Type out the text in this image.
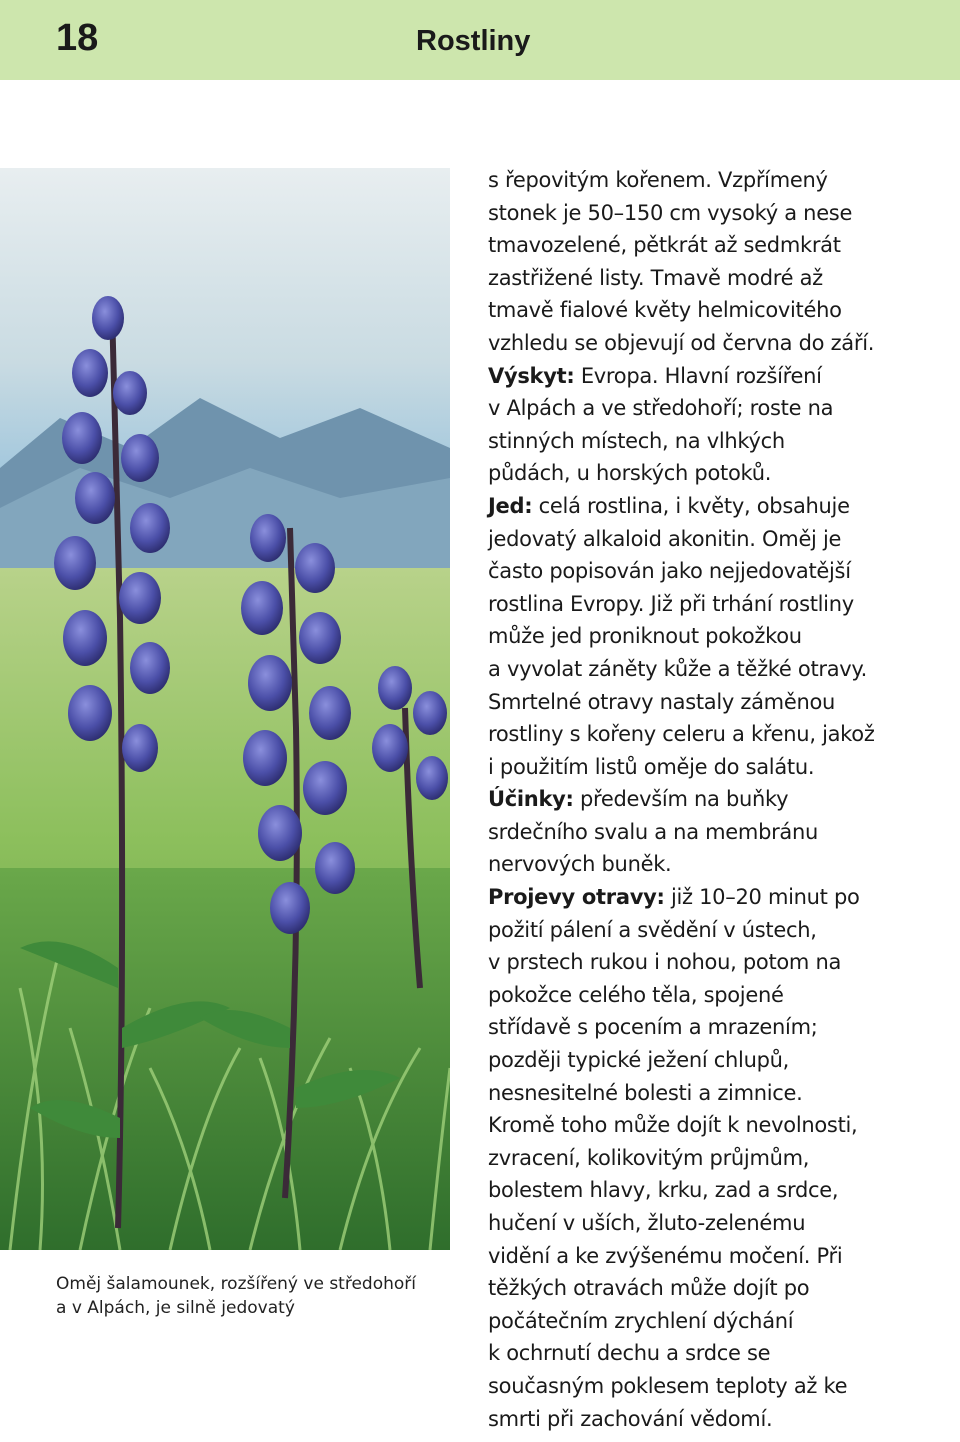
18	Rostliny
Oměj šalamounek, rozšířený ve středohoří
a v Alpách, je silně jedovatý
s řepovitým kořenem. Vzpřímený
stonek je 50–150 cm vysoký a nese
tmavozelené, pětkrát až sedmkrát
zastřižené listy. Tmavě modré až
tmavě fialové květy helmicovitého
vzhledu se objevují od června do září.
Výskyt: Evropa. Hlavní rozšíření
v Alpách a ve středohoří; roste na
stinných místech, na vlhkých
půdách, u horských potoků.
Jed: celá rostlina, i květy, obsahuje
jedovatý alkaloid akonitin. Oměj je
často popisován jako nejjedovatější
rostlina Evropy. Již při trhání rostliny
může jed proniknout pokožkou
a vyvolat záněty kůže a těžké otravy.
Smrtelné otravy nastaly záměnou
rostliny s kořeny celeru a křenu, jakož
i použitím listů oměje do salátu.
Účinky: především na buňky
srdečního svalu a na membránu
nervových buněk.
Projevy otravy: již 10–20 minut po
požití pálení a svědění v ústech,
v prstech rukou i nohou, potom na
pokožce celého těla, spojené
střídavě s pocením a mrazením;
později typické ježení chlupů,
nesnesitelné bolesti a zimnice.
Kromě toho může dojít k nevolnosti,
zvracení, kolikovitým průjmům,
bolestem hlavy, krku, zad a srdce,
hučení v uších, žluto-zelenému
vidění a ke zvýšenému močení. Při
těžkých otravách může dojít po
počátečním zrychlení dýchání
k ochrnutí dechu a srdce se
současným poklesem teploty až ke
smrti při zachování vědomí.
